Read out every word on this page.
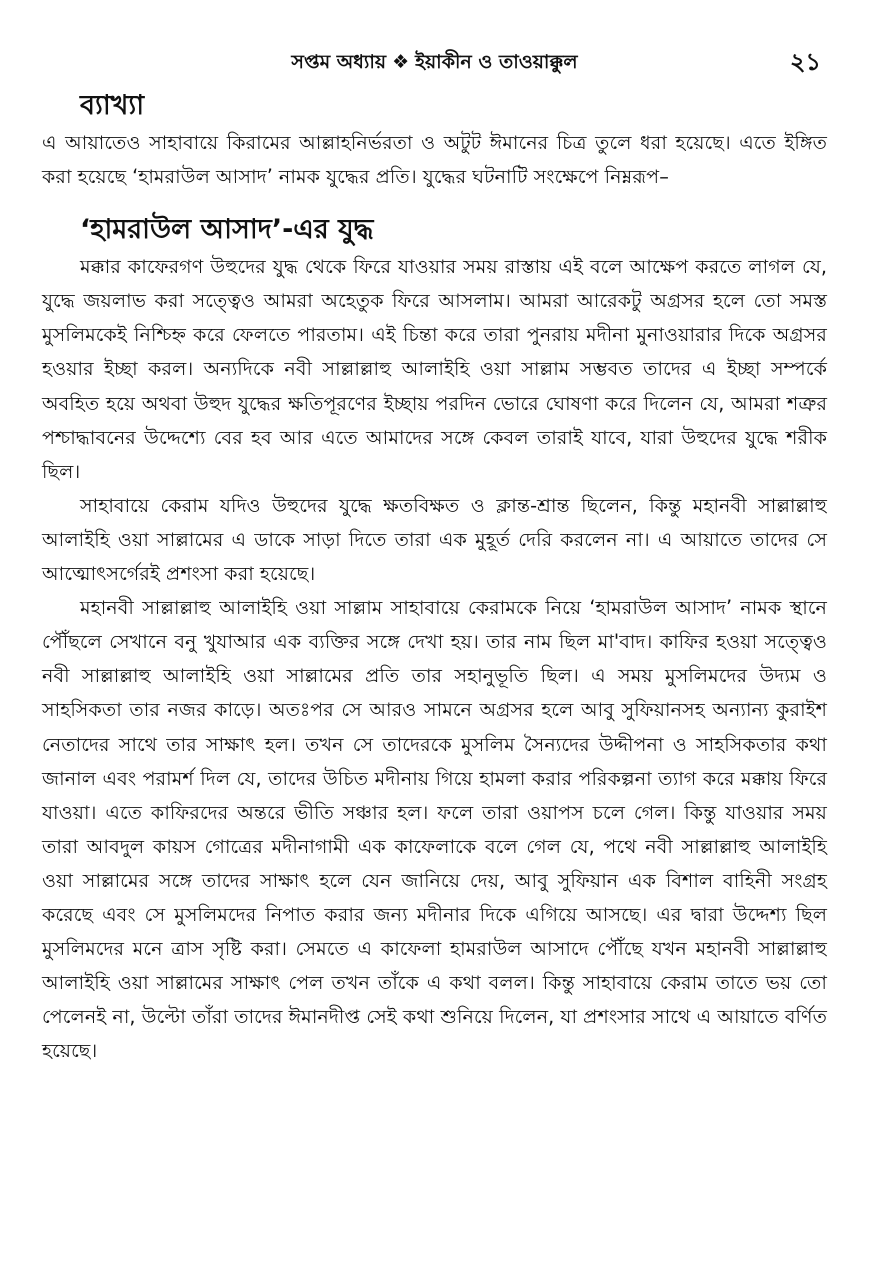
সপ্তম অধ্যায় ❖ ইয়াকীন ও তাওয়াক্কুল	২১
ব্যাখ্যা

এ আয়াতেও সাহাবায়ে কিরামের আল্লাহনির্ভরতা ও অটুট ঈমানের চিত্র তুলে ধরা হয়েছে। এতে ইঙ্গিত করা হয়েছে ‘হামরাউল আসাদ’ নামক যুদ্ধের প্রতি। যুদ্ধের ঘটনাটি সংক্ষেপে নিম্নরূপ–

‘হামরাউল আসাদ’-এর যুদ্ধ

মক্কার কাফেরগণ উহুদের যুদ্ধ থেকে ফিরে যাওয়ার সময় রাস্তায় এই বলে আক্ষেপ করতে লাগল যে, যুদ্ধে জয়লাভ করা সত্ত্বেও আমরা অহেতুক ফিরে আসলাম। আমরা আরেকটু অগ্রসর হলে তো সমস্ত মুসলিমকেই নিশ্চিহ্ন করে ফেলতে পারতাম। এই চিন্তা করে তারা পুনরায় মদীনা মুনাওয়ারার দিকে অগ্রসর হওয়ার ইচ্ছা করল। অন্যদিকে নবী সাল্লাল্লাহু আলাইহি ওয়া সাল্লাম সম্ভবত তাদের এ ইচ্ছা সম্পর্কে অবহিত হয়ে অথবা উহুদ যুদ্ধের ক্ষতিপূরণের ইচ্ছায় পরদিন ভোরে ঘোষণা করে দিলেন যে, আমরা শত্রুর পশ্চাদ্ধাবনের উদ্দেশ্যে বের হব আর এতে আমাদের সঙ্গে কেবল তারাই যাবে, যারা উহুদের যুদ্ধে শরীক ছিল।

সাহাবায়ে কেরাম যদিও উহুদের যুদ্ধে ক্ষতবিক্ষত ও ক্লান্ত-শ্রান্ত ছিলেন, কিন্তু মহানবী সাল্লাল্লাহু আলাইহি ওয়া সাল্লামের এ ডাকে সাড়া দিতে তারা এক মুহূর্ত দেরি করলেন না। এ আয়াতে তাদের সে আত্মোৎসর্গেরই প্রশংসা করা হয়েছে।

মহানবী সাল্লাল্লাহু আলাইহি ওয়া সাল্লাম সাহাবায়ে কেরামকে নিয়ে ‘হামরাউল আসাদ’ নামক স্থানে পৌঁছলে সেখানে বনু খুযাআর এক ব্যক্তির সঙ্গে দেখা হয়। তার নাম ছিল মা'বাদ। কাফির হওয়া সত্ত্বেও নবী সাল্লাল্লাহু আলাইহি ওয়া সাল্লামের প্রতি তার সহানুভূতি ছিল। এ সময় মুসলিমদের উদ্যম ও সাহসিকতা তার নজর কাড়ে। অতঃপর সে আরও সামনে অগ্রসর হলে আবু সুফিয়ানসহ অন্যান্য কুরাইশ নেতাদের সাথে তার সাক্ষাৎ হল। তখন সে তাদেরকে মুসলিম সৈন্যদের উদ্দীপনা ও সাহসিকতার কথা জানাল এবং পরামর্শ দিল যে, তাদের উচিত মদীনায় গিয়ে হামলা করার পরিকল্পনা ত্যাগ করে মক্কায় ফিরে যাওয়া। এতে কাফিরদের অন্তরে ভীতি সঞ্চার হল। ফলে তারা ওয়াপস চলে গেল। কিন্তু যাওয়ার সময় তারা আবদুল কায়স গোত্রের মদীনাগামী এক কাফেলাকে বলে গেল যে, পথে নবী সাল্লাল্লাহু আলাইহি ওয়া সাল্লামের সঙ্গে তাদের সাক্ষাৎ হলে যেন জানিয়ে দেয়, আবু সুফিয়ান এক বিশাল বাহিনী সংগ্রহ করেছে এবং সে মুসলিমদের নিপাত করার জন্য মদীনার দিকে এগিয়ে আসছে। এর দ্বারা উদ্দেশ্য ছিল মুসলিমদের মনে ত্রাস সৃষ্টি করা। সেমতে এ কাফেলা হামরাউল আসাদে পৌঁছে যখন মহানবী সাল্লাল্লাহু আলাইহি ওয়া সাল্লামের সাক্ষাৎ পেল তখন তাঁকে এ কথা বলল। কিন্তু সাহাবায়ে কেরাম তাতে ভয় তো পেলেনই না, উল্টো তাঁরা তাদের ঈমানদীপ্ত সেই কথা শুনিয়ে দিলেন, যা প্রশংসার সাথে এ আয়াতে বর্ণিত হয়েছে।
